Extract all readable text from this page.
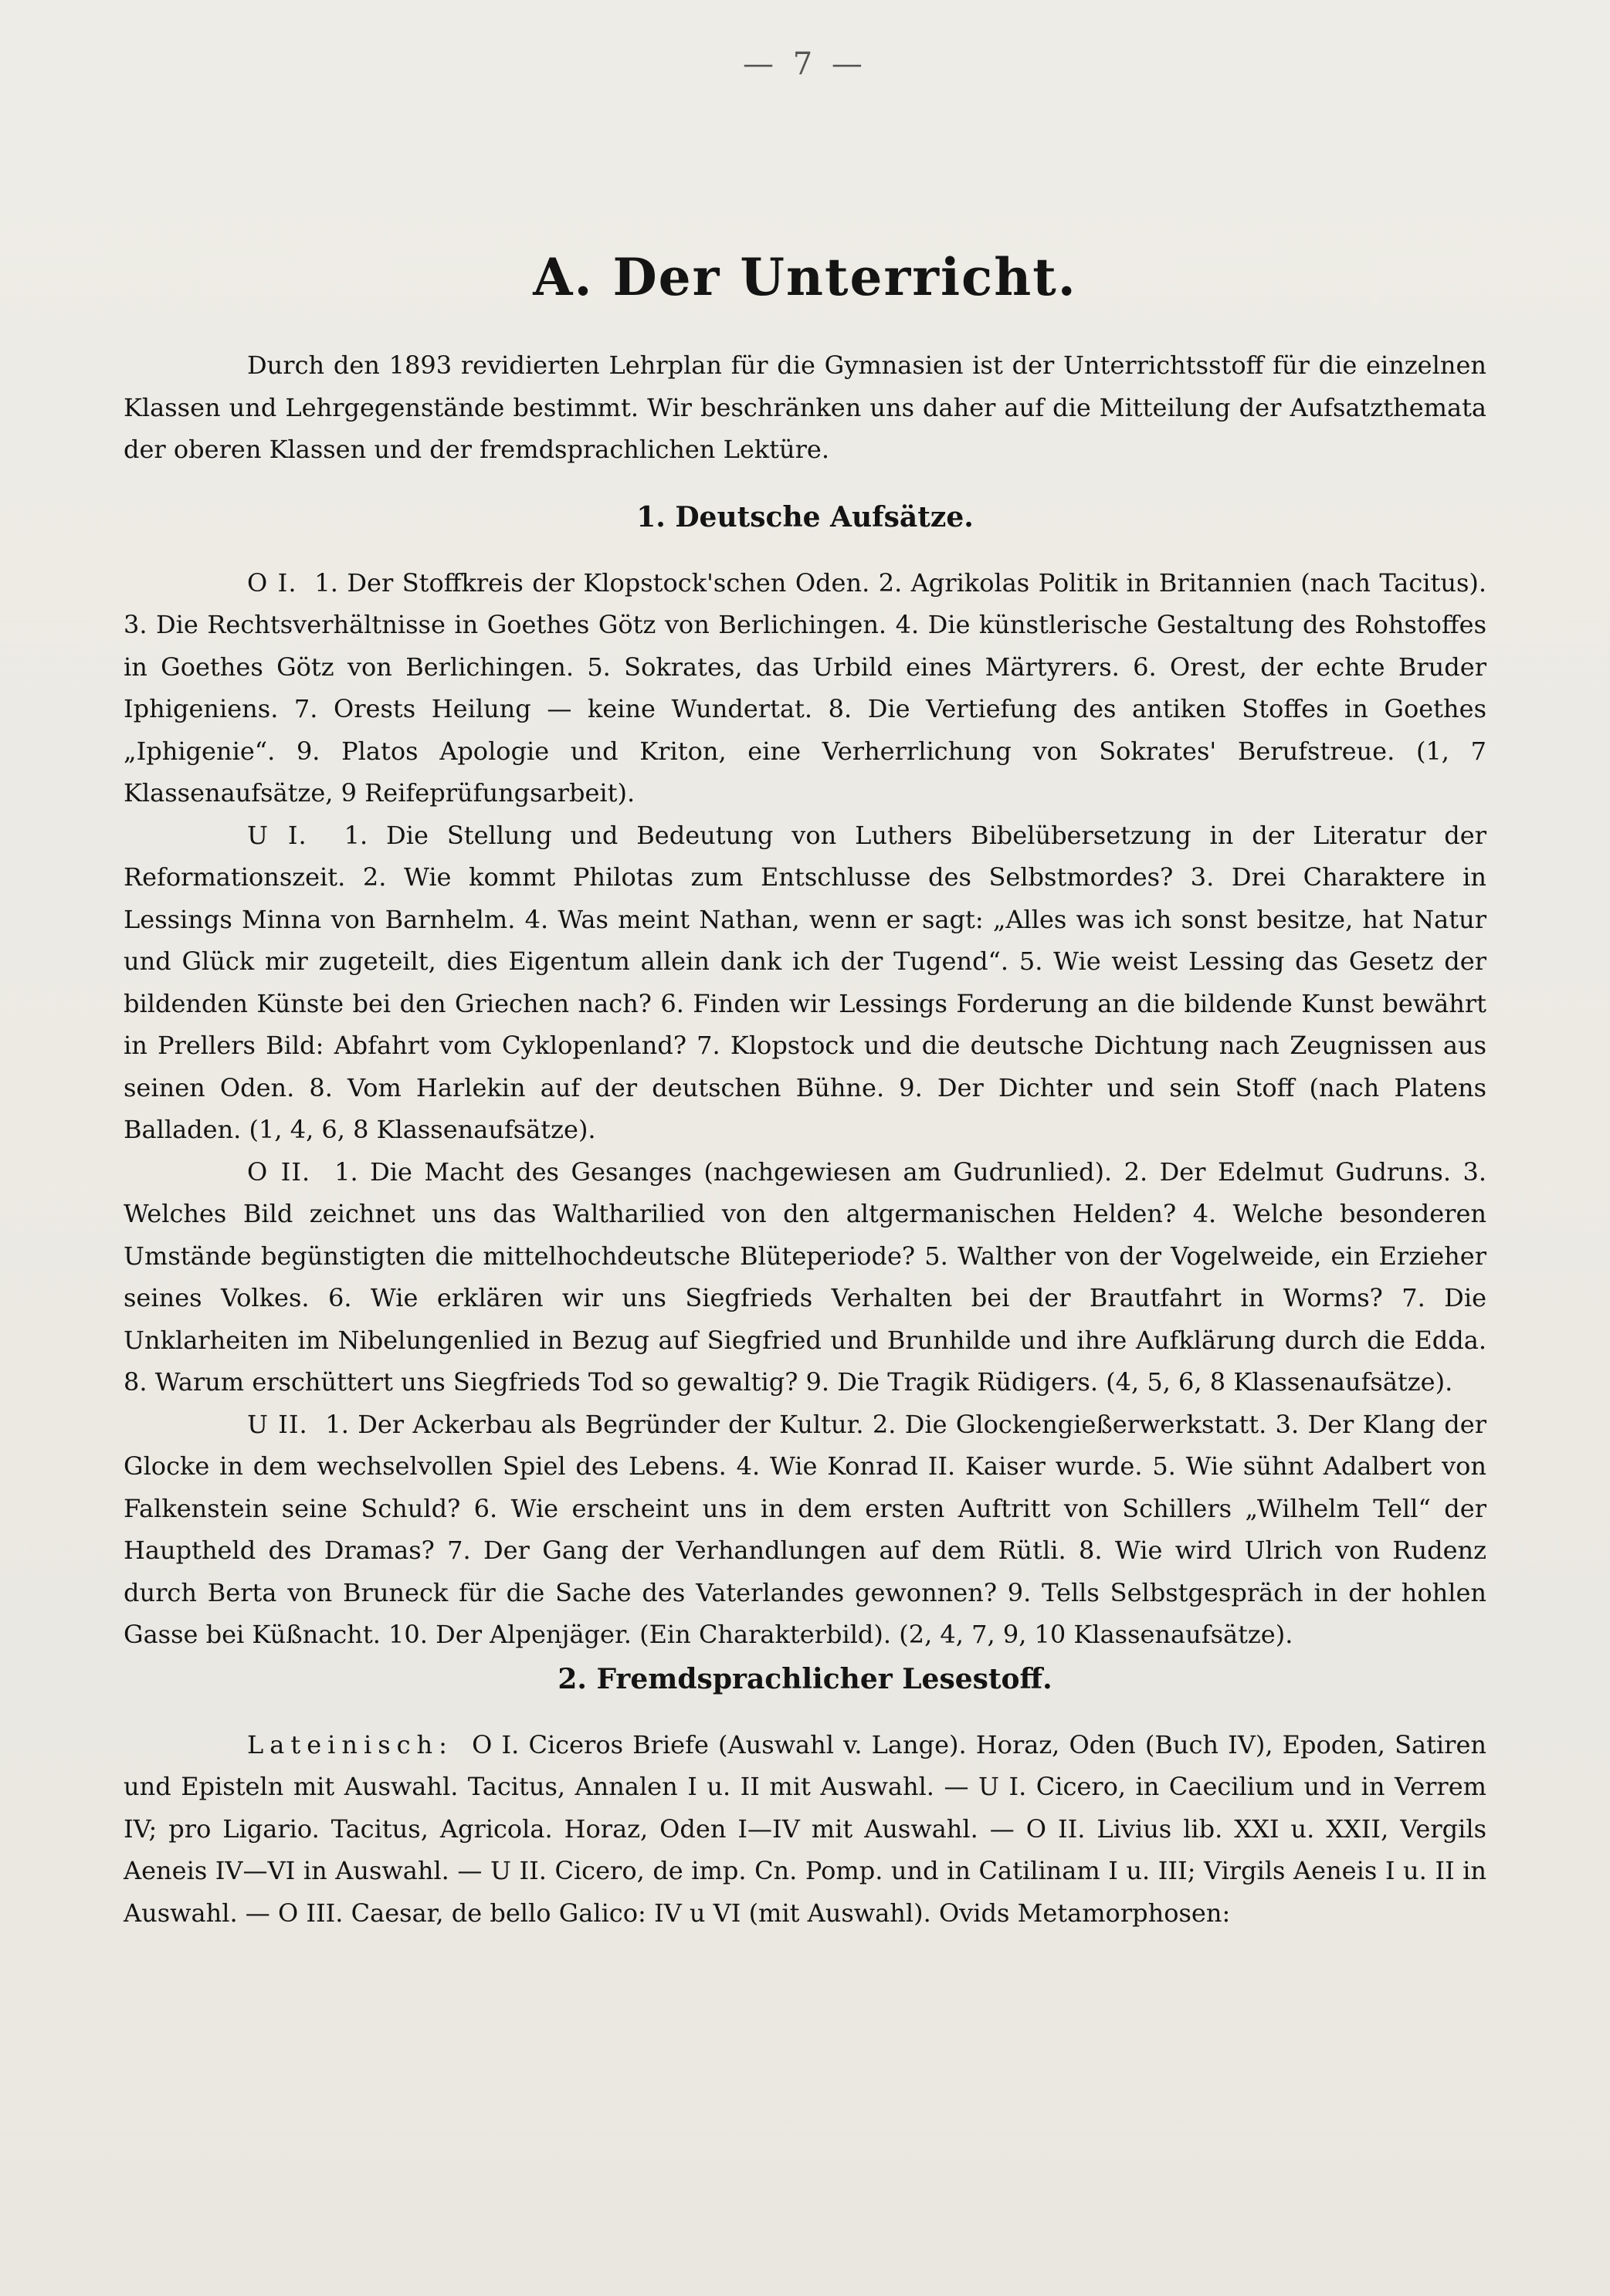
— 7 —
A. Der Unterricht.

Durch den 1893 revidierten Lehrplan für die Gymnasien ist der Unterrichtsstoff für die einzelnen Klassen und Lehrgegenstände bestimmt. Wir beschränken uns daher auf die Mitteilung der Aufsatzthemata der oberen Klassen und der fremdsprachlichen Lektüre.

1. Deutsche Aufsätze.

O I. 1. Der Stoffkreis der Klopstock'schen Oden. 2. Agrikolas Politik in Britannien (nach Tacitus). 3. Die Rechtsverhältnisse in Goethes Götz von Berlichingen. 4. Die künstlerische Gestaltung des Rohstoffes in Goethes Götz von Berlichingen. 5. Sokrates, das Urbild eines Märtyrers. 6. Orest, der echte Bruder Iphigeniens. 7. Orests Heilung — keine Wundertat. 8. Die Vertiefung des antiken Stoffes in Goethes „Iphigenie“. 9. Platos Apologie und Kriton, eine Verherrlichung von Sokrates' Berufstreue. (1, 7 Klassenaufsätze, 9 Reifeprüfungsarbeit).

U I. 1. Die Stellung und Bedeutung von Luthers Bibelübersetzung in der Literatur der Reformationszeit. 2. Wie kommt Philotas zum Entschlusse des Selbstmordes? 3. Drei Charaktere in Lessings Minna von Barnhelm. 4. Was meint Nathan, wenn er sagt: „Alles was ich sonst besitze, hat Natur und Glück mir zugeteilt, dies Eigentum allein dank ich der Tugend“. 5. Wie weist Lessing das Gesetz der bildenden Künste bei den Griechen nach? 6. Finden wir Lessings Forderung an die bildende Kunst bewährt in Prellers Bild: Abfahrt vom Cyklopenland? 7. Klopstock und die deutsche Dichtung nach Zeugnissen aus seinen Oden. 8. Vom Harlekin auf der deutschen Bühne. 9. Der Dichter und sein Stoff (nach Platens Balladen. (1, 4, 6, 8 Klassenaufsätze).

O II. 1. Die Macht des Gesanges (nachgewiesen am Gudrunlied). 2. Der Edelmut Gudruns. 3. Welches Bild zeichnet uns das Waltharilied von den altgermanischen Helden? 4. Welche besonderen Umstände begünstigten die mittelhochdeutsche Blüteperiode? 5. Walther von der Vogelweide, ein Erzieher seines Volkes. 6. Wie erklären wir uns Siegfrieds Verhalten bei der Brautfahrt in Worms? 7. Die Unklarheiten im Nibelungenlied in Bezug auf Siegfried und Brunhilde und ihre Aufklärung durch die Edda. 8. Warum erschüttert uns Siegfrieds Tod so gewaltig? 9. Die Tragik Rüdigers. (4, 5, 6, 8 Klassenaufsätze).

U II. 1. Der Ackerbau als Begründer der Kultur. 2. Die Glockengießerwerkstatt. 3. Der Klang der Glocke in dem wechselvollen Spiel des Lebens. 4. Wie Konrad II. Kaiser wurde. 5. Wie sühnt Adalbert von Falkenstein seine Schuld? 6. Wie erscheint uns in dem ersten Auftritt von Schillers „Wilhelm Tell“ der Hauptheld des Dramas? 7. Der Gang der Verhandlungen auf dem Rütli. 8. Wie wird Ulrich von Rudenz durch Berta von Bruneck für die Sache des Vaterlandes gewonnen? 9. Tells Selbstgespräch in der hohlen Gasse bei Küßnacht. 10. Der Alpenjäger. (Ein Charakterbild). (2, 4, 7, 9, 10 Klassenaufsätze).

2. Fremdsprachlicher Lesestoff.

Lateinisch: O I. Ciceros Briefe (Auswahl v. Lange). Horaz, Oden (Buch IV), Epoden, Satiren und Episteln mit Auswahl. Tacitus, Annalen I u. II mit Auswahl. — U I. Cicero, in Caecilium und in Verrem IV; pro Ligario. Tacitus, Agricola. Horaz, Oden I—IV mit Auswahl. — O II. Livius lib. XXI u. XXII, Vergils Aeneis IV—VI in Auswahl. — U II. Cicero, de imp. Cn. Pomp. und in Catilinam I u. III; Virgils Aeneis I u. II in Auswahl. — O III. Caesar, de bello Galico: IV u VI (mit Auswahl). Ovids Metamorphosen:
